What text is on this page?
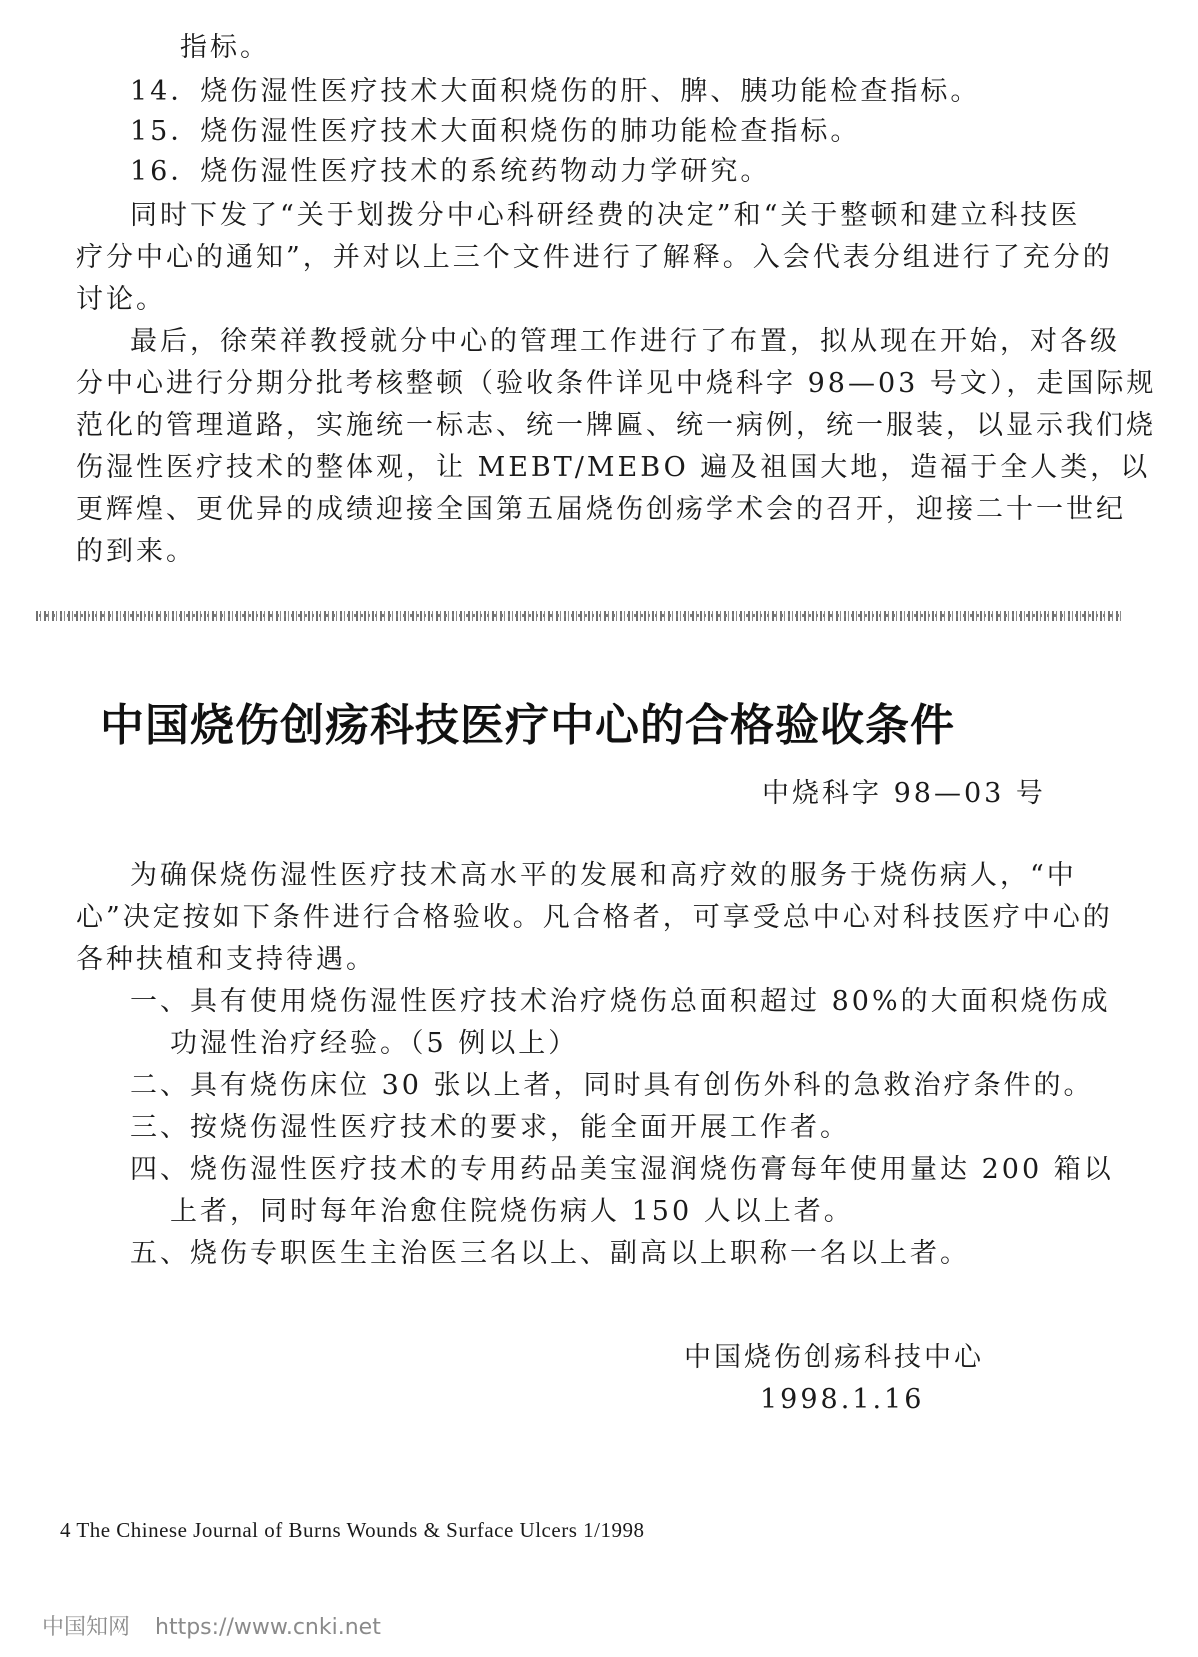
指标。
14．烧伤湿性医疗技术大面积烧伤的肝、脾、胰功能检查指标。
15．烧伤湿性医疗技术大面积烧伤的肺功能检查指标。
16．烧伤湿性医疗技术的系统药物动力学研究。
同时下发了“关于划拨分中心科研经费的决定”和“关于整顿和建立科技医
疗分中心的通知”，并对以上三个文件进行了解释。入会代表分组进行了充分的
讨论。
最后，徐荣祥教授就分中心的管理工作进行了布置，拟从现在开始，对各级
分中心进行分期分批考核整顿（验收条件详见中烧科字 98—03 号文），走国际规
范化的管理道路，实施统一标志、统一牌匾、统一病例，统一服装，以显示我们烧
伤湿性医疗技术的整体观，让 MEBT/MEBO 遍及祖国大地，造福于全人类，以
更辉煌、更优异的成绩迎接全国第五届烧伤创疡学术会的召开，迎接二十一世纪
的到来。
中国烧伤创疡科技医疗中心的合格验收条件
中烧科字 98—03 号
为确保烧伤湿性医疗技术高水平的发展和高疗效的服务于烧伤病人，“中
心”决定按如下条件进行合格验收。凡合格者，可享受总中心对科技医疗中心的
各种扶植和支持待遇。
一、具有使用烧伤湿性医疗技术治疗烧伤总面积超过 80%的大面积烧伤成
功湿性治疗经验。（5 例以上）
二、具有烧伤床位 30 张以上者，同时具有创伤外科的急救治疗条件的。
三、按烧伤湿性医疗技术的要求，能全面开展工作者。
四、烧伤湿性医疗技术的专用药品美宝湿润烧伤膏每年使用量达 200 箱以
上者，同时每年治愈住院烧伤病人 150 人以上者。
五、烧伤专职医生主治医三名以上、副高以上职称一名以上者。
中国烧伤创疡科技中心
1998.1.16
4 The Chinese Journal of Burns Wounds & Surface Ulcers 1/1998
中国知网 https://www.cnki.net
